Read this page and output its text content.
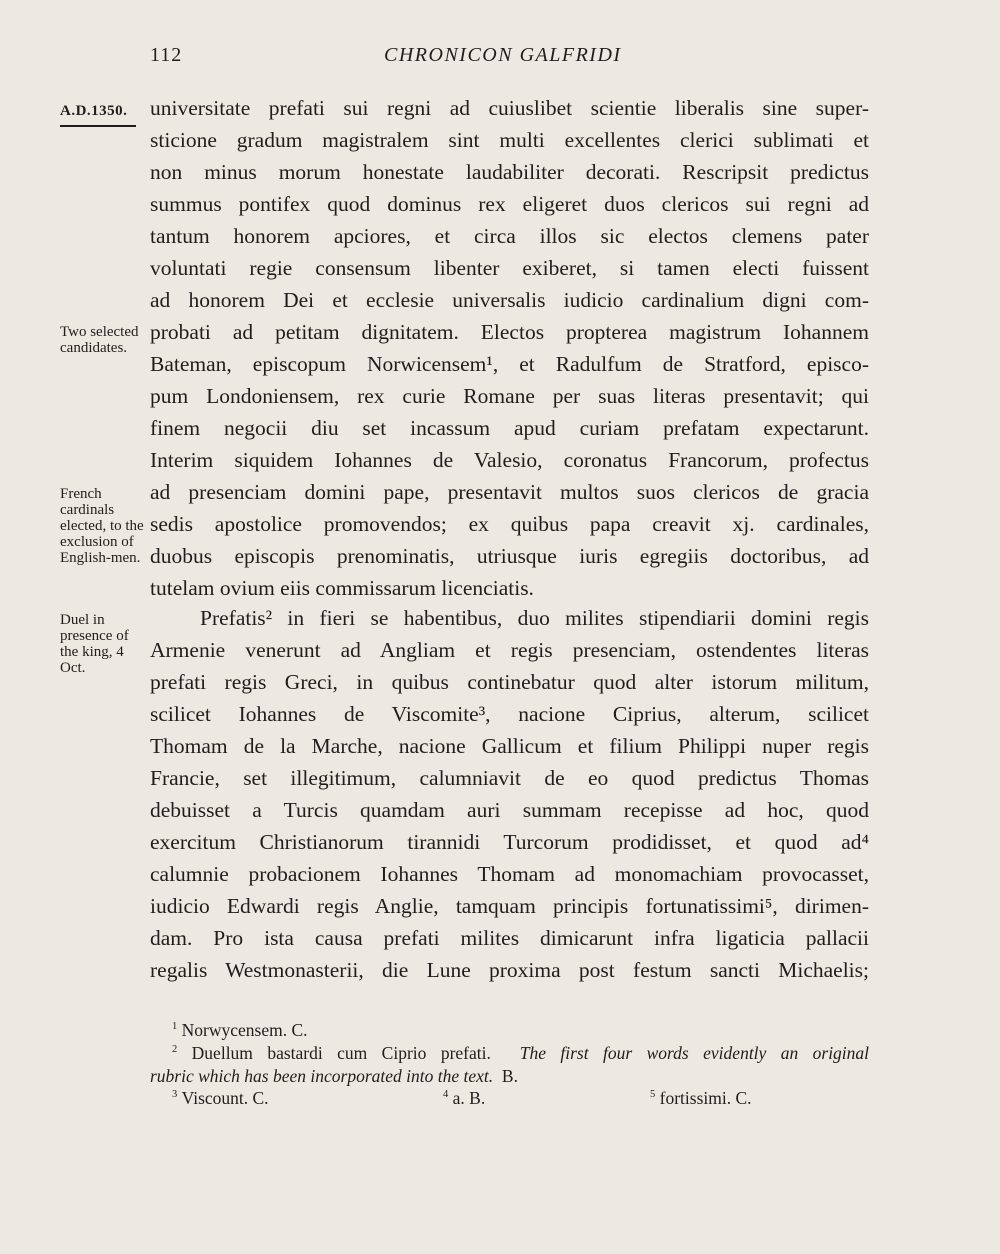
112	CHRONICON GALFRIDI
A.D.1350.
Two selected candidates.
French cardinals elected, to the exclusion of English-men.
Duel in presence of the king, 4 Oct.
universitate prefati sui regni ad cuiuslibet scientie liberalis sine super-
sticione gradum magistralem sint multi excellentes clerici sublimati et
non minus morum honestate laudabiliter decorati. Rescripsit predictus
summus pontifex quod dominus rex eligeret duos clericos sui regni ad
tantum honorem apciores, et circa illos sic electos clemens pater
voluntati regie consensum libenter exiberet, si tamen electi fuissent
ad honorem Dei et ecclesie universalis iudicio cardinalium digni com-
probati ad petitam dignitatem. Electos propterea magistrum Iohannem
Bateman, episcopum Norwicensem¹, et Radulfum de Stratford, episco-
pum Londoniensem, rex curie Romane per suas literas presentavit; qui
finem negocii diu set incassum apud curiam prefatam expectarunt.
Interim siquidem Iohannes de Valesio, coronatus Francorum, profectus
ad presenciam domini pape, presentavit multos suos clericos de gracia
sedis apostolice promovendos; ex quibus papa creavit xj. cardinales,
duobus episcopis prenominatis, utriusque iuris egregiis doctoribus, ad
tutelam ovium eiis commissarum licenciatis.
Prefatis² in fieri se habentibus, duo milites stipendiarii domini regis
Armenie venerunt ad Angliam et regis presenciam, ostendentes literas
prefati regis Greci, in quibus continebatur quod alter istorum militum,
scilicet Iohannes de Viscomite³, nacione Ciprius, alterum, scilicet
Thomam de la Marche, nacione Gallicum et filium Philippi nuper regis
Francie, set illegitimum, calumniavit de eo quod predictus Thomas
debuisset a Turcis quamdam auri summam recepisse ad hoc, quod
exercitum Christianorum tirannidi Turcorum prodidisset, et quod ad⁴
calumnie probacionem Iohannes Thomam ad monomachiam provocasset,
iudicio Edwardi regis Anglie, tamquam principis fortunatissimi⁵, dirimen-
dam. Pro ista causa prefati milites dimicarunt infra ligaticia pallacii
regalis Westmonasterii, die Lune proxima post festum sancti Michaelis;
$^1$ Norwycensem. C.
$^2$ Duellum bastardi cum Ciprio prefati. The first four words evidently an original
rubric which has been incorporated into the text. B.
$^3$ Viscount. C.	$^4$ a. B.	$^5$ fortissimi. C.
